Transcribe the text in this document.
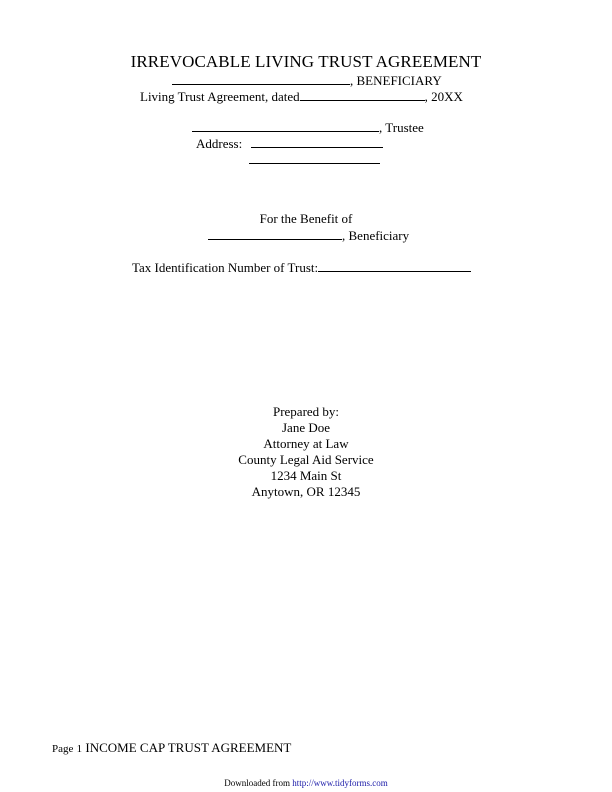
IRREVOCABLE LIVING TRUST AGREEMENT
, BENEFICIARY
Living Trust Agreement, dated	, 20XX
, Trustee
Address:
For the Benefit of
, Beneficiary
Tax Identification Number of Trust:
Prepared by:
Jane Doe
Attorney at Law
County Legal Aid Service
1234 Main St
Anytown, OR 12345
Page 1 INCOME CAP TRUST AGREEMENT
Downloaded from http://www.tidyforms.com
